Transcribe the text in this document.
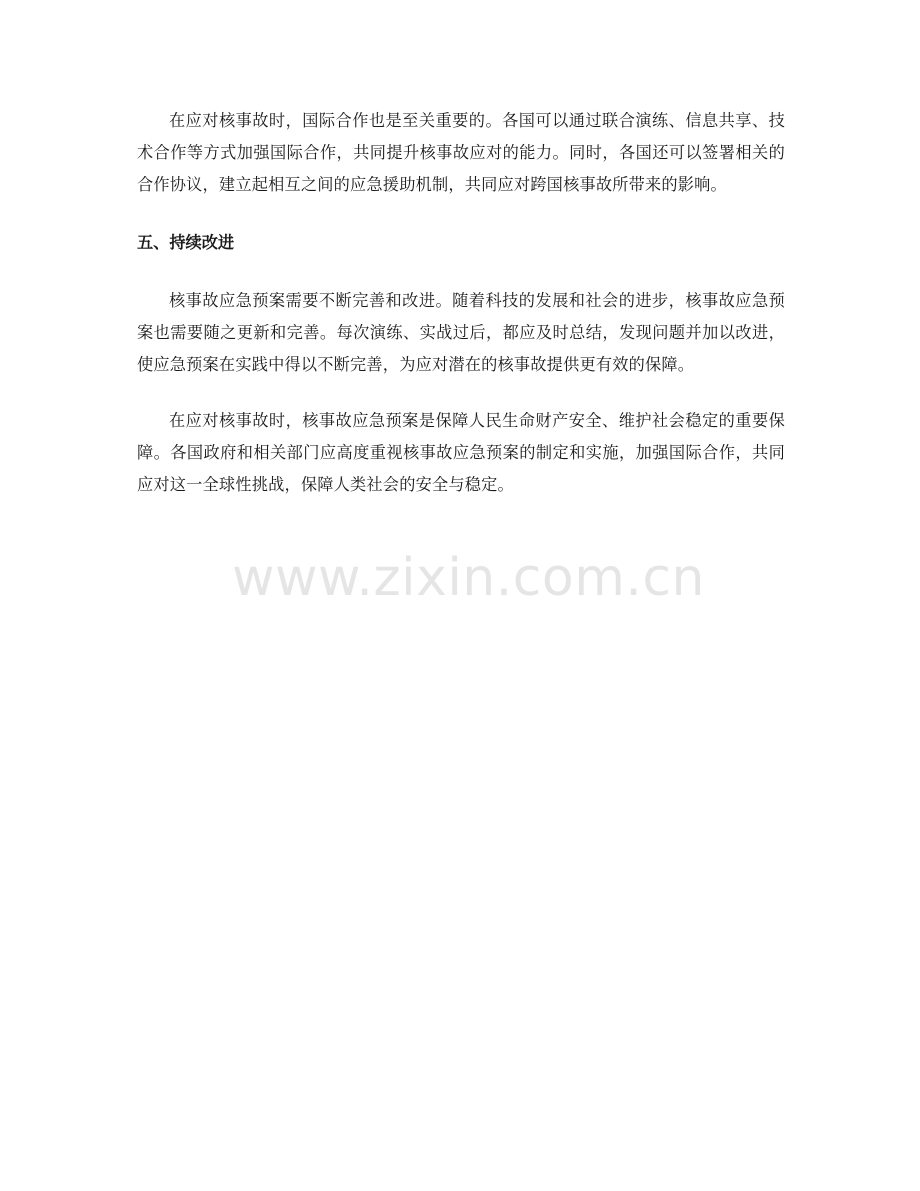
在应对核事故时，国际合作也是至关重要的。各国可以通过联合演练、信息共享、技术合作等方式加强国际合作，共同提升核事故应对的能力。同时，各国还可以签署相关的合作协议，建立起相互之间的应急援助机制，共同应对跨国核事故所带来的影响。

五、持续改进

核事故应急预案需要不断完善和改进。随着科技的发展和社会的进步，核事故应急预案也需要随之更新和完善。每次演练、实战过后，都应及时总结，发现问题并加以改进，使应急预案在实践中得以不断完善，为应对潜在的核事故提供更有效的保障。

在应对核事故时，核事故应急预案是保障人民生命财产安全、维护社会稳定的重要保障。各国政府和相关部门应高度重视核事故应急预案的制定和实施，加强国际合作，共同应对这一全球性挑战，保障人类社会的安全与稳定。

www.zixin.com.cn
